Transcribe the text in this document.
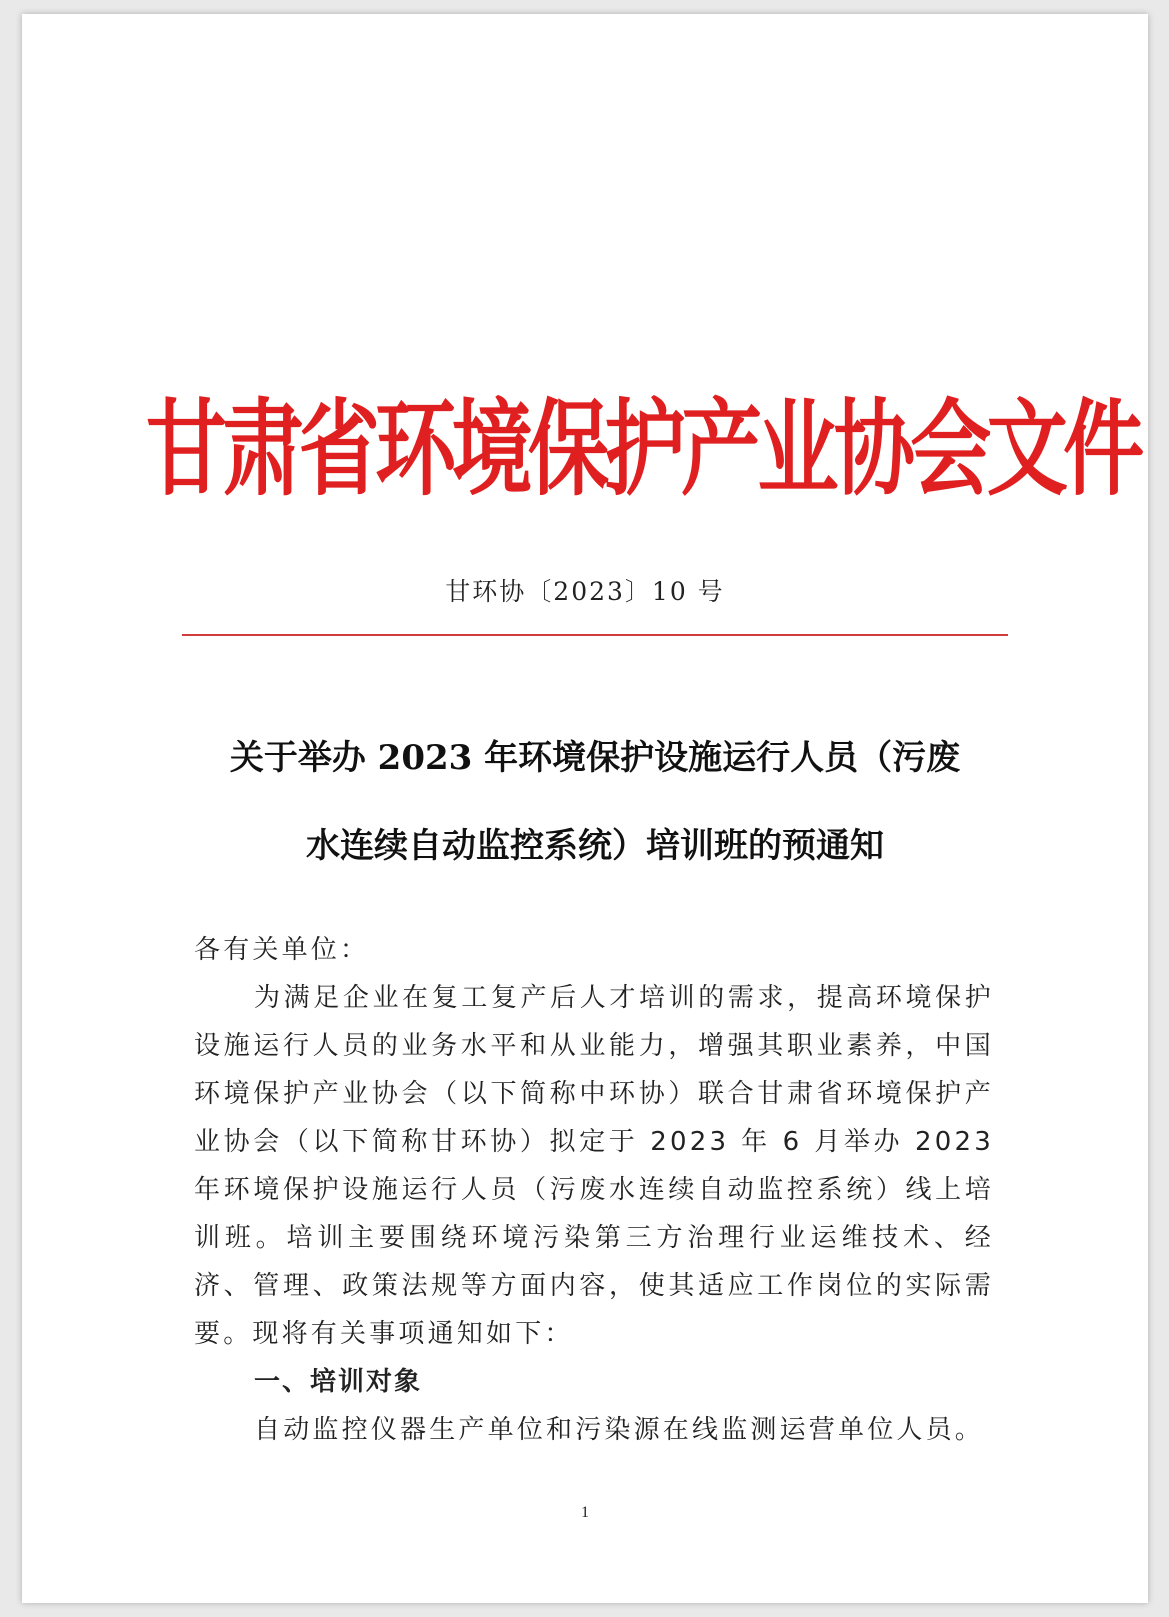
甘肃省环境保护产业协会文件
甘环协〔2023〕10 号
关于举办 2023 年环境保护设施运行人员（污废
水连续自动监控系统）培训班的预通知

各有关单位：

为满足企业在复工复产后人才培训的需求，提高环境保护设施运行人员的业务水平和从业能力，增强其职业素养，中国环境保护产业协会（以下简称中环协）联合甘肃省环境保护产业协会（以下简称甘环协）拟定于 2023 年 6 月举办 2023 年环境保护设施运行人员（污废水连续自动监控系统）线上培训班。培训主要围绕环境污染第三方治理行业运维技术、经济、管理、政策法规等方面内容，使其适应工作岗位的实际需要。现将有关事项通知如下：

一、培训对象

自动监控仪器生产单位和污染源在线监测运营单位人员。

1
